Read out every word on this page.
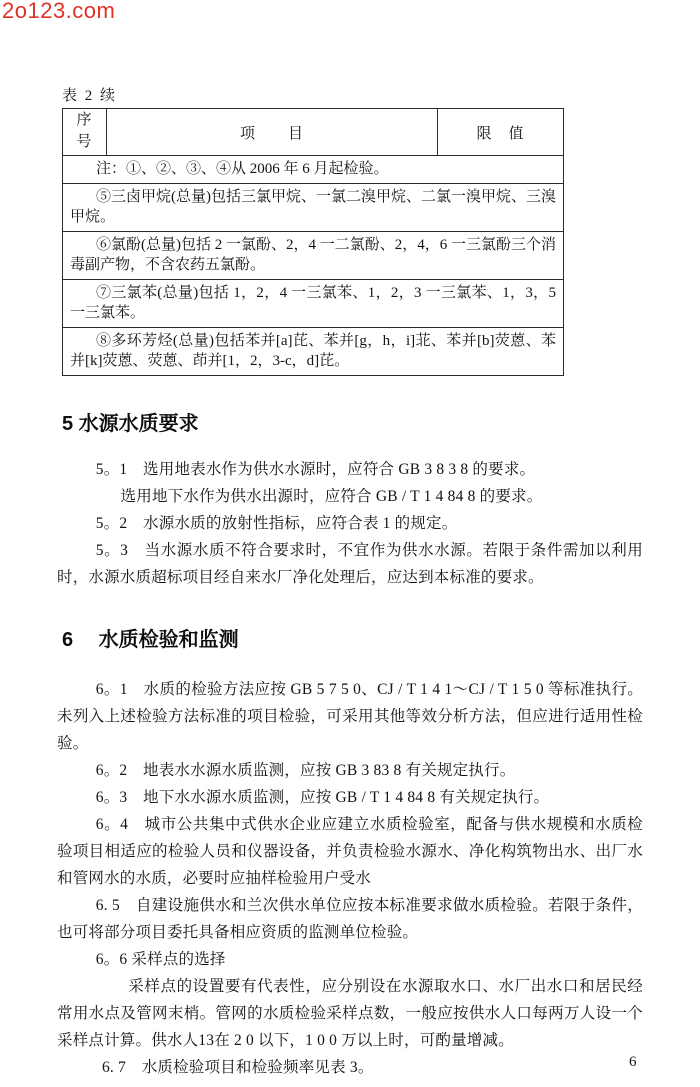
2o123.com
表 2 续
序号	项　　目	限　值
注：①、②、③、④从 2006 年 6 月起检验。
⑤三卤甲烷(总量)包括三氯甲烷、一氯二溴甲烷、二氯一溴甲烷、三溴甲烷。
⑥氯酚(总量)包括 2 一氯酚、2，4 一二氯酚、2，4，6 一三氯酚三个消毒副产物，不含农药五氯酚。
⑦三氯苯(总量)包括 1，2，4 一三氯苯、1，2，3 一三氯苯、1，3，5 一三氯苯。
⑧多环芳烃(总量)包括苯并[a]芘、苯并[g，h，i]苝、苯并[b]荧蒽、苯并[k]荧蒽、荧蒽、茚并[1，2，3-c，d]芘。
5 水源水质要求

5。1　选用地表水作为供水水源时，应符合 GB 3 8 3 8 的要求。

选用地下水作为供水出源时，应符合 GB / T 1 4 84 8 的要求。

5。2　水源水质的放射性指标，应符合表 1 的规定。

5。3　当水源水质不符合要求时，不宜作为供水水源。若限于条件需加以利用时，水源水质超标项目经自来水厂净化处理后，应达到本标准的要求。

6　 水质检验和监测

6。1　水质的检验方法应按 GB 5 7 5 0、CJ / T 1 4 1～CJ / T 1 5 0 等标准执行。未列入上述检验方法标准的项目检验，可采用其他等效分析方法，但应进行适用性检验。

6。2　地表水水源水质监测，应按 GB 3 83 8 有关规定执行。

6。3　地下水水源水质监测，应按 GB / T 1 4 84 8 有关规定执行。

6。4　城市公共集中式供水企业应建立水质检验室，配备与供水规模和水质检验项目相适应的检验人员和仪器设备，并负责检验水源水、净化构筑物出水、出厂水和管网水的水质，必要时应抽样检验用户受水

6. 5　自建设施供水和兰次供水单位应按本标准要求做水质检验。若限于条件，也可将部分项目委托具备相应资质的监测单位检验。

6。6 采样点的选择

采样点的设置要有代表性，应分别设在水源取水口、水厂出水口和居民经常用水点及管网末梢。管网的水质检验采样点数，一般应按供水人口每两万人设一个采样点计算。供水人13在 2 0 以下，1 0 0 万以上时，可酌量增减。

6. 7　水质检验项目和检验频率见表 3。	6
